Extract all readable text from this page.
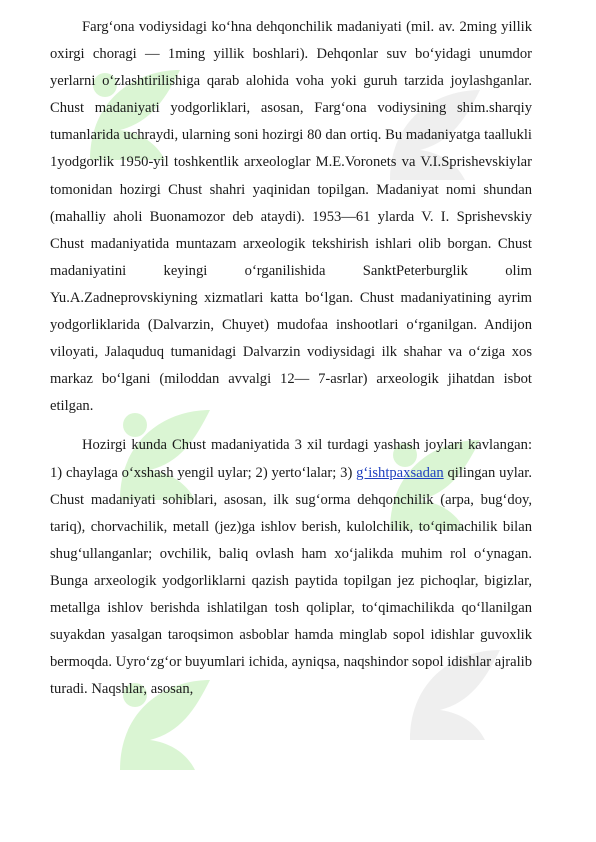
Farg‘ona vodiysidagi ko‘hna dehqonchilik madaniyati (mil. av. 2ming yillik oxirgi choragi — 1ming yillik boshlari). Dehqonlar suv bo‘yidagi unumdor yerlarni o‘zlashtirilishiga qarab alohida voha yoki guruh tarzida joylashganlar. Chust madaniyati yodgorliklari, asosan, Farg‘ona vodiysining shim.sharqiy tumanlarida uchraydi, ularning soni hozirgi 80 dan ortiq. Bu madaniyatga taallukli 1yodgorlik 1950-yil toshkentlik arxeologlar M.E.Voronets va V.I.Sprishevskiylar tomonidan hozirgi Chust shahri yaqinidan topilgan. Madaniyat nomi shundan (mahalliy aholi Buonamozor deb ataydi). 1953—61 ylarda V. I. Sprishevskiy Chust madaniyatida muntazam arxeologik tekshirish ishlari olib borgan. Chust madaniyatini keyingi o‘rganilishida SanktPeterburglik olim Yu.A.Zadneprovskiyning xizmatlari katta bo‘lgan. Chust madaniyatining ayrim yodgorliklarida (Dalvarzin, Chuyet) mudofaa inshootlari o‘rganilgan. Andijon viloyati, Jalaquduq tumanidagi Dalvarzin vodiysidagi ilk shahar va o‘ziga xos markaz bo‘lgani (miloddan avvalgi 12— 7-asrlar) arxeologik jihatdan isbot etilgan.

Hozirgi kunda Chust madaniyatida 3 xil turdagi yashash joylari kavlangan: 1) chaylaga o‘xshash yengil uylar; 2) yerto‘lalar; 3) g‘ishtpaxsadan qilingan uylar. Chust madaniyati sohiblari, asosan, ilk sug‘orma dehqonchilik (arpa, bug‘doy, tariq), chorvachilik, metall (jez)ga ishlov berish, kulolchilik, to‘qimachilik bilan shug‘ullanganlar; ovchilik, baliq ovlash ham xo‘jalikda muhim rol o‘ynagan. Bunga arxeologik yodgorliklarni qazish paytida topilgan jez pichoqlar, bigizlar, metallga ishlov berishda ishlatilgan tosh qoliplar, to‘qimachilikda qo‘llanilgan suyakdan yasalgan taroqsimon asboblar hamda minglab sopol idishlar guvoxlik bermoqda. Uyro‘zg‘or buyumlari ichida, ayniqsa, naqshindor sopol idishlar ajralib turadi. Naqshlar, asosan,
